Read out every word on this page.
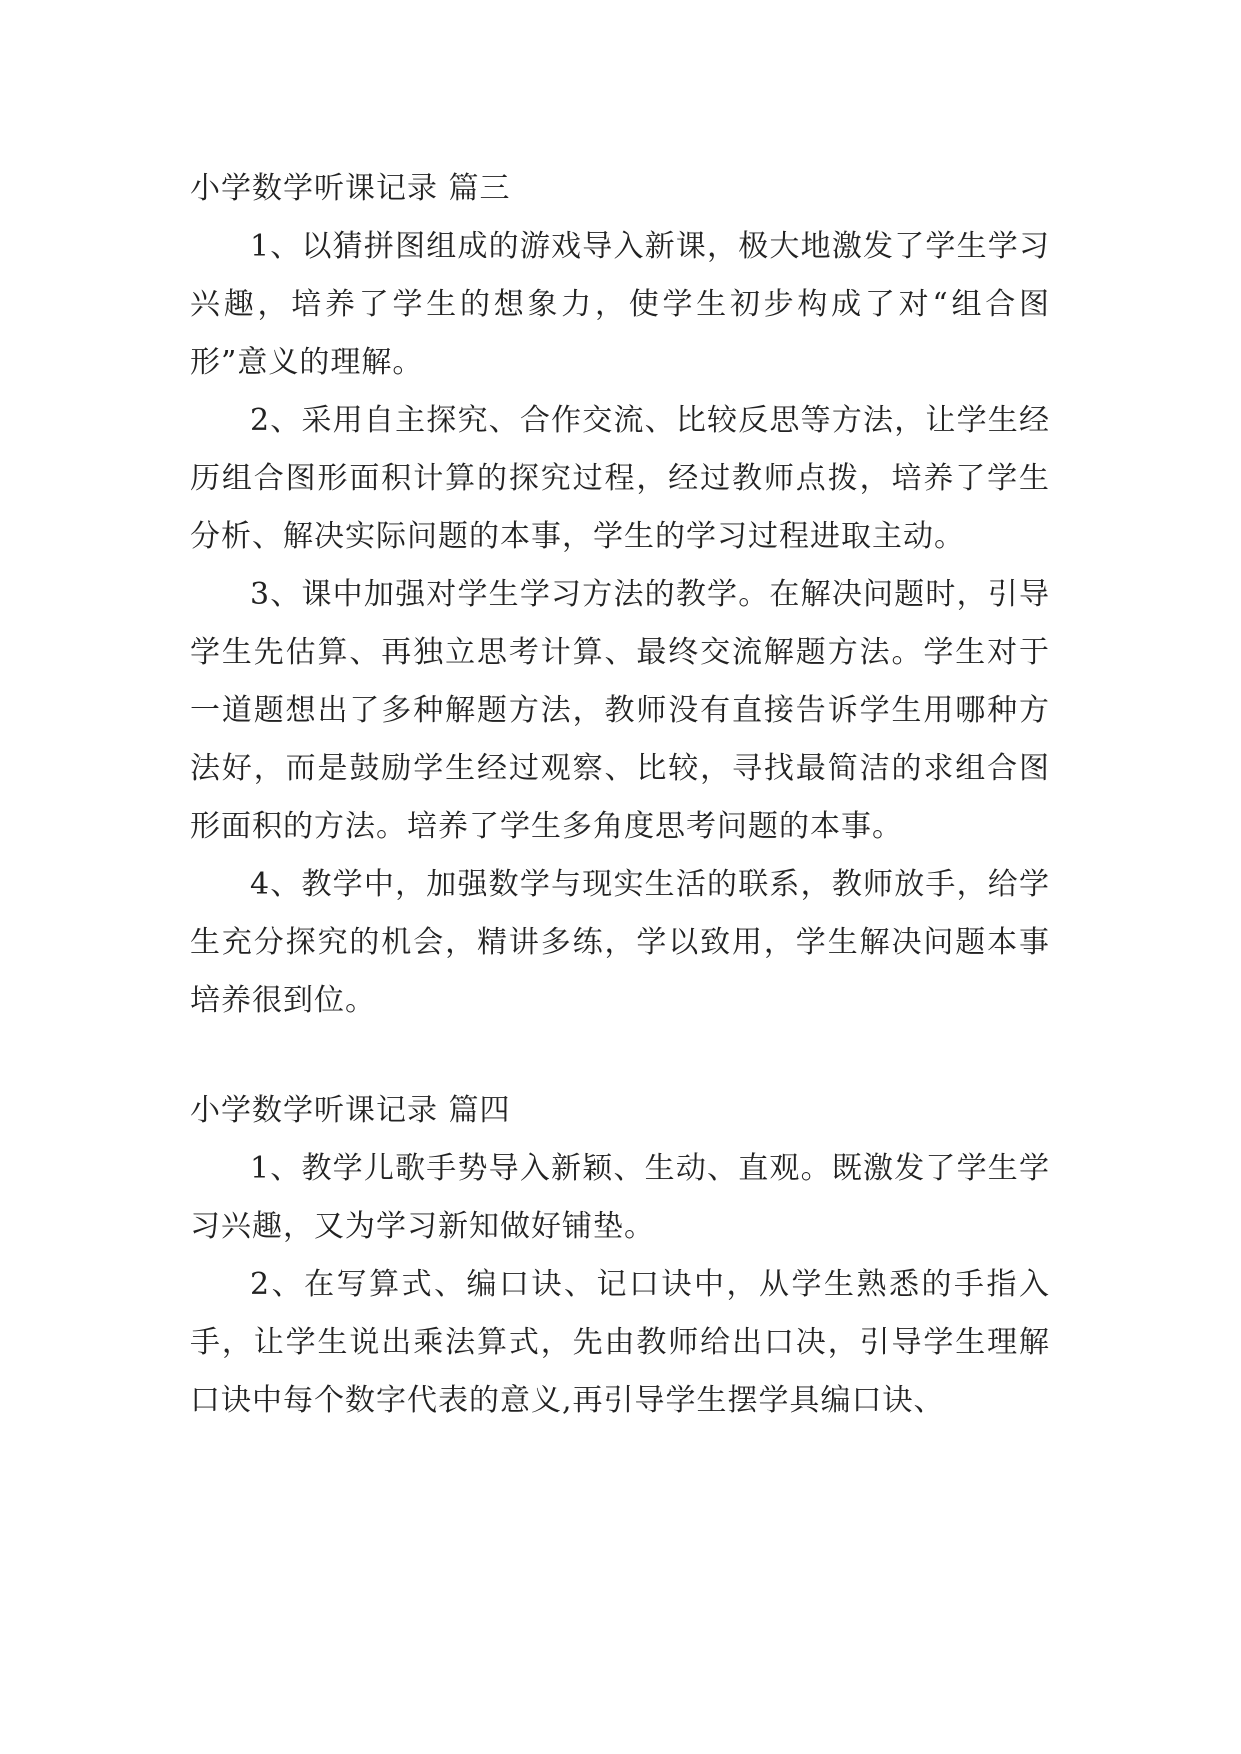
小学数学听课记录 篇三

1、以猜拼图组成的游戏导入新课，极大地激发了学生学习兴趣，培养了学生的想象力，使学生初步构成了对“组合图形”意义的理解。

2、采用自主探究、合作交流、比较反思等方法，让学生经历组合图形面积计算的探究过程，经过教师点拨，培养了学生分析、解决实际问题的本事，学生的学习过程进取主动。

3、课中加强对学生学习方法的教学。在解决问题时，引导学生先估算、再独立思考计算、最终交流解题方法。学生对于一道题想出了多种解题方法，教师没有直接告诉学生用哪种方法好，而是鼓励学生经过观察、比较，寻找最简洁的求组合图形面积的方法。培养了学生多角度思考问题的本事。

4、教学中，加强数学与现实生活的联系，教师放手，给学生充分探究的机会，精讲多练，学以致用，学生解决问题本事培养很到位。

小学数学听课记录 篇四

1、教学儿歌手势导入新颖、生动、直观。既激发了学生学习兴趣，又为学习新知做好铺垫。

2、在写算式、编口诀、记口诀中，从学生熟悉的手指入手，让学生说出乘法算式，先由教师给出口决，引导学生理解口诀中每个数字代表的意义,再引导学生摆学具编口诀、
